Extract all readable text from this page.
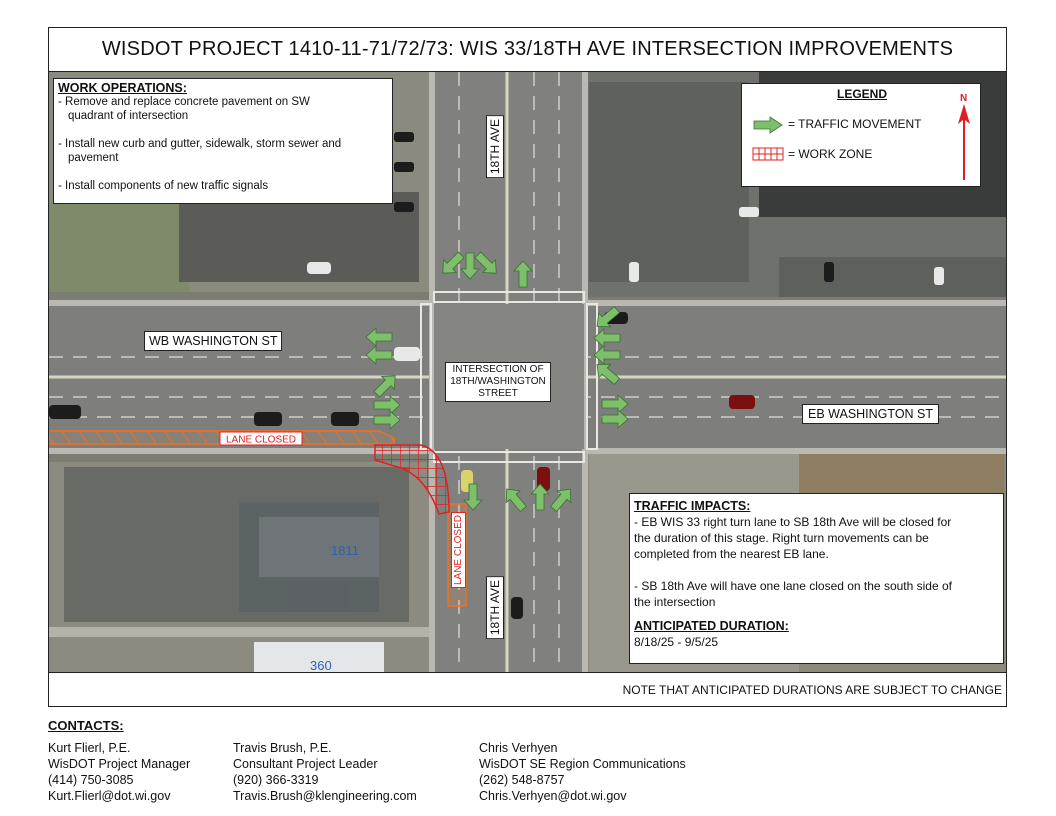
WISDOT PROJECT 1410-11-71/72/73: WIS 33/18TH AVE INTERSECTION IMPROVEMENTS
1811
360
LANE CLOSED
WORK OPERATIONS:
- Remove and replace concrete pavement on SW
quadrant of intersection
- Install new curb and gutter, sidewalk, storm sewer and
pavement
- Install components of new traffic signals
LEGEND
= TRAFFIC MOVEMENT
= WORK ZONE
N
18TH AVE
18TH AVE
WB WASHINGTON ST
EB WASHINGTON ST
INTERSECTION OF
18TH/WASHINGTON
STREET
LANE CLOSED
TRAFFIC IMPACTS:
- EB WIS 33 right turn lane to SB 18th Ave will be closed for
the duration of this stage. Right turn movements can be
completed from the nearest EB lane.
- SB 18th Ave will have one lane closed on the south side of
the intersection
ANTICIPATED DURATION:
8/18/25 - 9/5/25
NOTE THAT ANTICIPATED DURATIONS ARE SUBJECT TO CHANGE
CONTACTS:
Kurt Flierl, P.E.
WisDOT Project Manager
(414) 750-3085
Kurt.Flierl@dot.wi.gov
Travis Brush, P.E.
Consultant Project Leader
(920) 366-3319
Travis.Brush@klengineering.com
Chris Verhyen
WisDOT SE Region Communications
(262) 548-8757
Chris.Verhyen@dot.wi.gov
